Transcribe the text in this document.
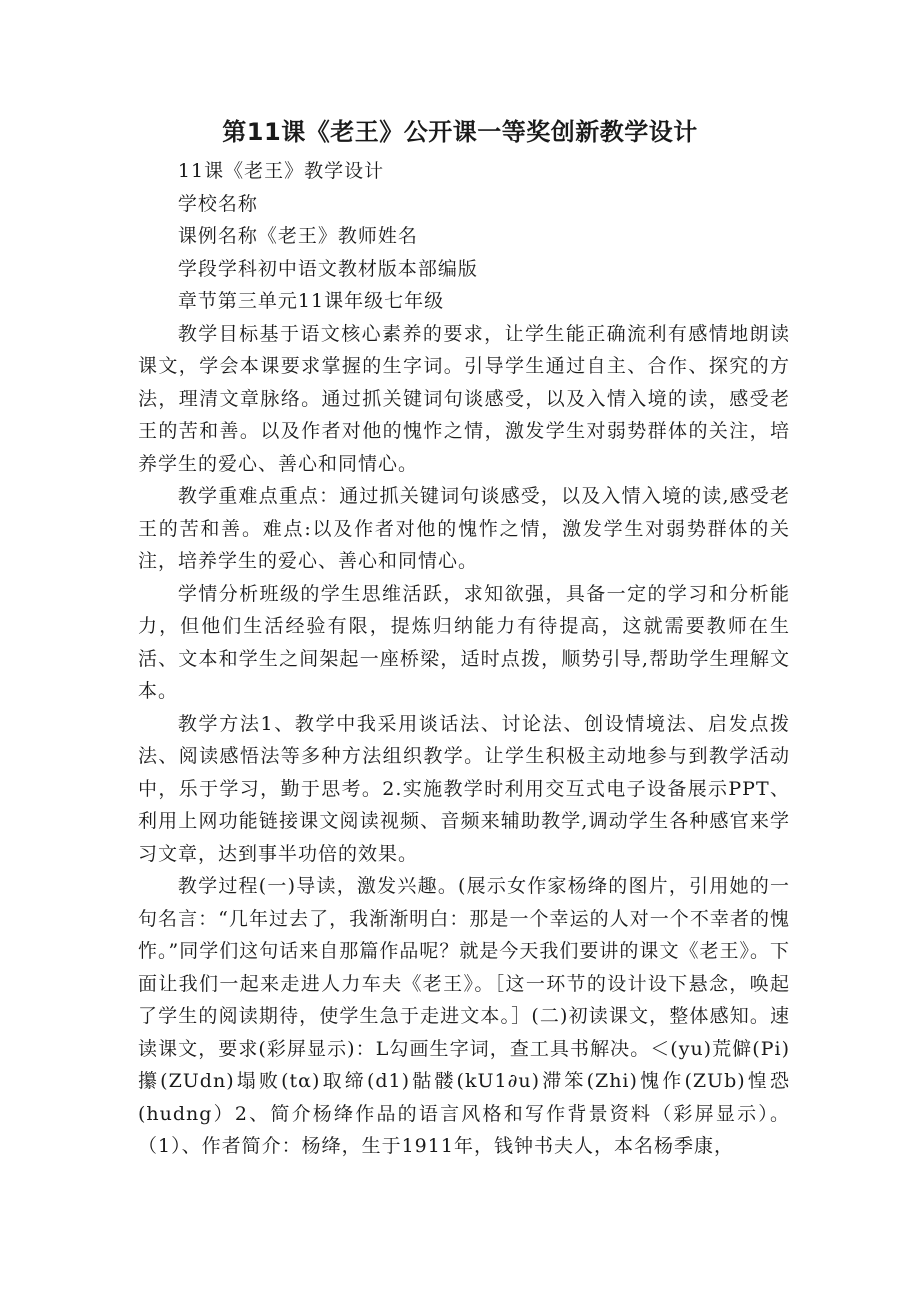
第11课《老王》公开课一等奖创新教学设计

11课《老王》教学设计

学校名称

课例名称《老王》教师姓名

学段学科初中语文教材版本部编版

章节第三单元11课年级七年级

教学目标基于语文核心素养的要求，让学生能正确流利有感情地朗读课文，学会本课要求掌握的生字词。引导学生通过自主、合作、探究的方法，理清文章脉络。通过抓关键词句谈感受，以及入情入境的读，感受老王的苦和善。以及作者对他的愧怍之情，激发学生对弱势群体的关注，培养学生的爱心、善心和同情心。

教学重难点重点：通过抓关键词句谈感受，以及入情入境的读,感受老王的苦和善。难点:以及作者对他的愧怍之情，激发学生对弱势群体的关注，培养学生的爱心、善心和同情心。

学情分析班级的学生思维活跃，求知欲强，具备一定的学习和分析能力，但他们生活经验有限，提炼归纳能力有待提高，这就需要教师在生活、文本和学生之间架起一座桥梁，适时点拨，顺势引导,帮助学生理解文本。

教学方法1、教学中我采用谈话法、讨论法、创设情境法、启发点拨法、阅读感悟法等多种方法组织教学。让学生积极主动地参与到教学活动中，乐于学习，勤于思考。2.实施教学时利用交互式电子设备展示PPT、利用上网功能链接课文阅读视频、音频来辅助教学,调动学生各种感官来学习文章，达到事半功倍的效果。

教学过程(一)导读，激发兴趣。(展示女作家杨绛的图片，引用她的一句名言：“几年过去了，我渐渐明白：那是一个幸运的人对一个不幸者的愧怍。”同学们这句话来自那篇作品呢？就是今天我们要讲的课文《老王》。下面让我们一起来走进人力车夫《老王》。［这一环节的设计设下悬念，唤起了学生的阅读期待，使学生急于走进文本。］(二)初读课文，整体感知。速读课文，要求(彩屏显示)：L勾画生字词，查工具书解决。＜(yu)荒僻(Pi)攥(ZUdn)塌败(tα)取缔(d1)骷髅(kU1∂u)滞笨(Zhi)愧作(ZUb)惶恐(hudng）2、简介杨绛作品的语言风格和写作背景资料（彩屏显示）。（1）、作者简介：杨绛，生于1911年，钱钟书夫人，本名杨季康，
